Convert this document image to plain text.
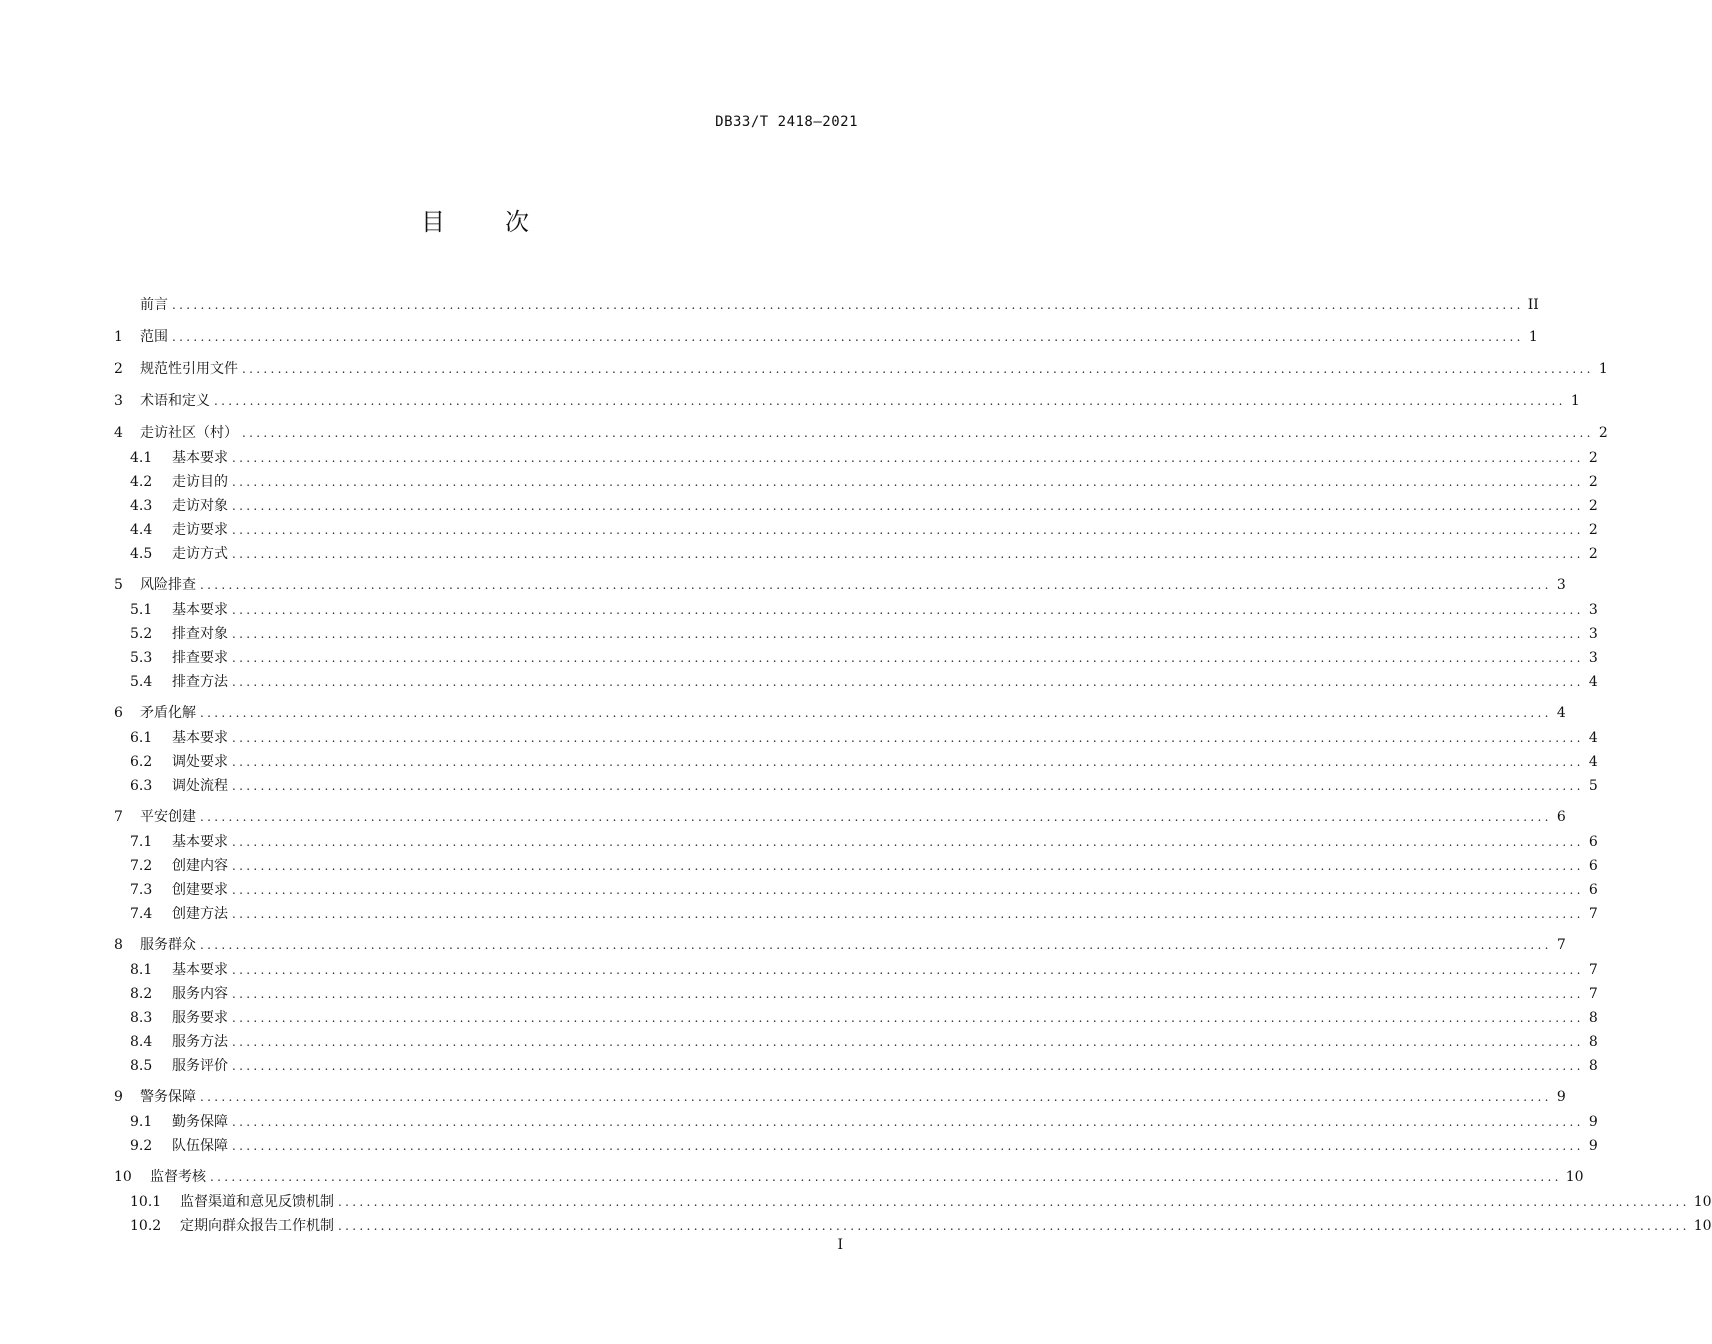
DB33/T 2418—2021
目次
前言 .............................................................................................................................................................................................. II
1	范围 .............................................................................................................................................................................................. 1
2	规范性引用文件 .............................................................................................................................................................................................. 1
3	术语和定义 .............................................................................................................................................................................................. 1
4	走访社区（村） .............................................................................................................................................................................................. 2
4.1	基本要求 .............................................................................................................................................................................................. 2
4.2	走访目的 .............................................................................................................................................................................................. 2
4.3	走访对象 .............................................................................................................................................................................................. 2
4.4	走访要求 .............................................................................................................................................................................................. 2
4.5	走访方式 .............................................................................................................................................................................................. 2
5	风险排查 .............................................................................................................................................................................................. 3
5.1	基本要求 .............................................................................................................................................................................................. 3
5.2	排查对象 .............................................................................................................................................................................................. 3
5.3	排查要求 .............................................................................................................................................................................................. 3
5.4	排查方法 .............................................................................................................................................................................................. 4
6	矛盾化解 .............................................................................................................................................................................................. 4
6.1	基本要求 .............................................................................................................................................................................................. 4
6.2	调处要求 .............................................................................................................................................................................................. 4
6.3	调处流程 .............................................................................................................................................................................................. 5
7	平安创建 .............................................................................................................................................................................................. 6
7.1	基本要求 .............................................................................................................................................................................................. 6
7.2	创建内容 .............................................................................................................................................................................................. 6
7.3	创建要求 .............................................................................................................................................................................................. 6
7.4	创建方法 .............................................................................................................................................................................................. 7
8	服务群众 .............................................................................................................................................................................................. 7
8.1	基本要求 .............................................................................................................................................................................................. 7
8.2	服务内容 .............................................................................................................................................................................................. 7
8.3	服务要求 .............................................................................................................................................................................................. 8
8.4	服务方法 .............................................................................................................................................................................................. 8
8.5	服务评价 .............................................................................................................................................................................................. 8
9	警务保障 .............................................................................................................................................................................................. 9
9.1	勤务保障 .............................................................................................................................................................................................. 9
9.2	队伍保障 .............................................................................................................................................................................................. 9
10	监督考核 .............................................................................................................................................................................................. 10
10.1	监督渠道和意见反馈机制 .............................................................................................................................................................................................. 10
10.2	定期向群众报告工作机制 .............................................................................................................................................................................................. 10
I
